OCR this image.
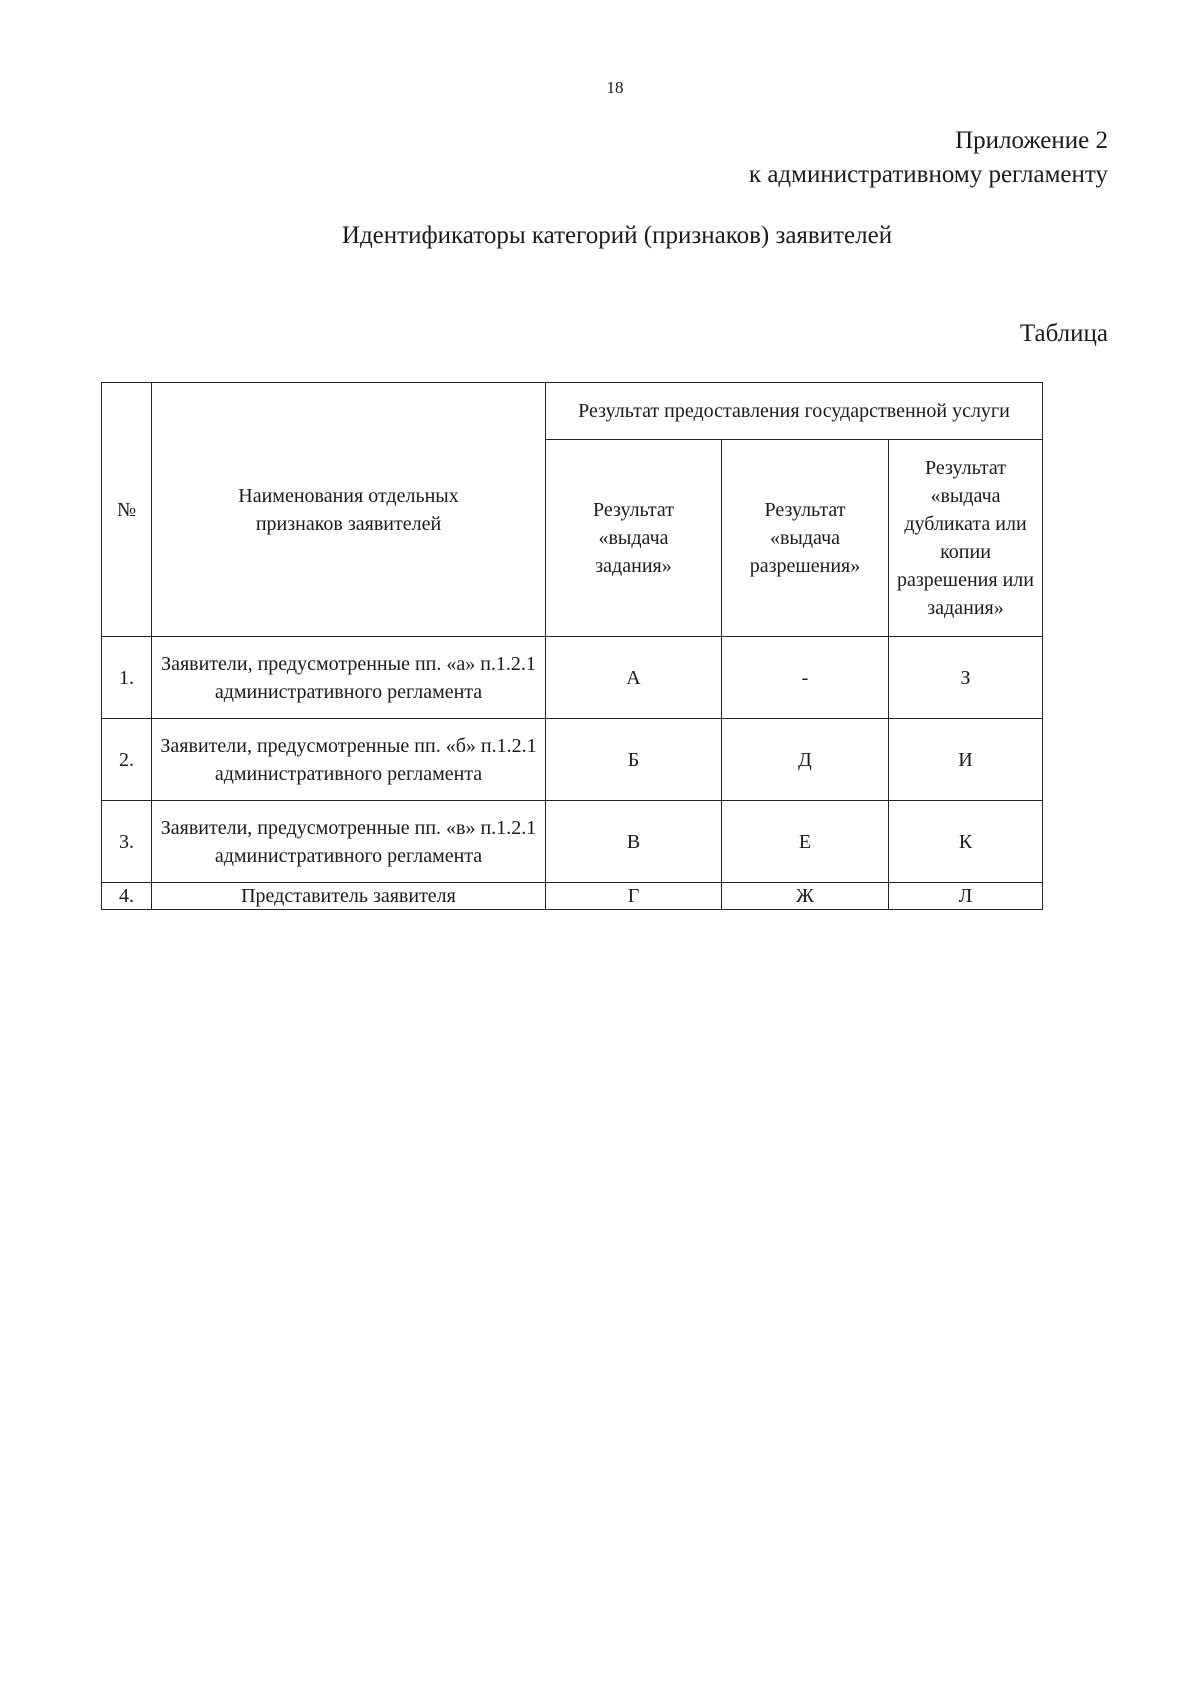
18
Приложение 2
к административному регламенту
Идентификаторы категорий (признаков) заявителей
Таблица
№	Наименования отдельных признаков заявителей	Результат предоставления государственной услуги		
		Результат «выдача задания»	Результат «выдача разрешения»	Результат «выдача дубликата или копии разрешения или задания»
1.	Заявители, предусмотренные пп. «а» п.1.2.1 административного регламента	А	-	З
2.	Заявители, предусмотренные пп. «б» п.1.2.1 административного регламента	Б	Д	И
3.	Заявители, предусмотренные пп. «в» п.1.2.1 административного регламента	В	Е	К
4.	Представитель заявителя	Г	Ж	Л
